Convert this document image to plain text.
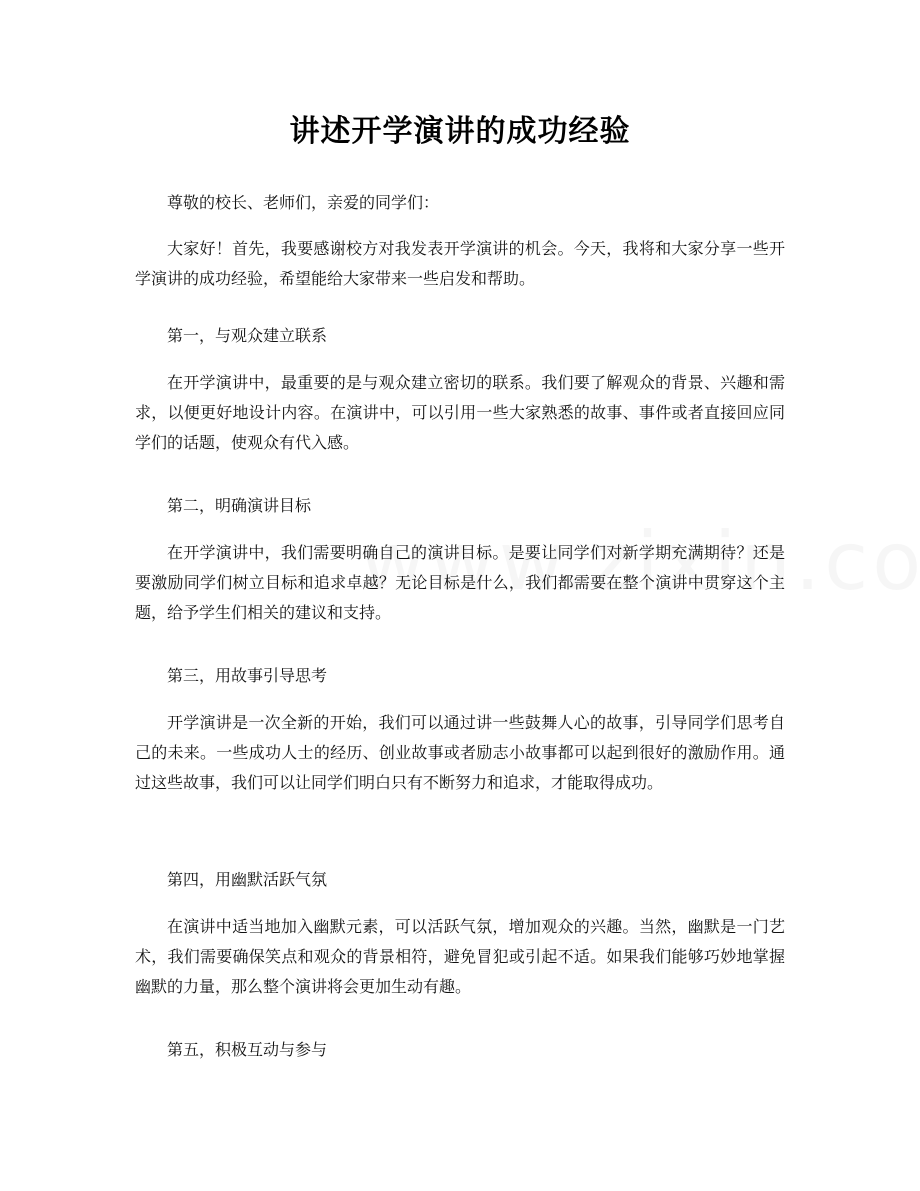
讲述开学演讲的成功经验

尊敬的校长、老师们，亲爱的同学们：

大家好！首先，我要感谢校方对我发表开学演讲的机会。今天，我将和大家分享一些开学演讲的成功经验，希望能给大家带来一些启发和帮助。

第一，与观众建立联系

在开学演讲中，最重要的是与观众建立密切的联系。我们要了解观众的背景、兴趣和需求，以便更好地设计内容。在演讲中，可以引用一些大家熟悉的故事、事件或者直接回应同学们的话题，使观众有代入感。

第二，明确演讲目标

在开学演讲中，我们需要明确自己的演讲目标。是要让同学们对新学期充满期待？还是要激励同学们树立目标和追求卓越？无论目标是什么，我们都需要在整个演讲中贯穿这个主题，给予学生们相关的建议和支持。

第三，用故事引导思考

开学演讲是一次全新的开始，我们可以通过讲一些鼓舞人心的故事，引导同学们思考自己的未来。一些成功人士的经历、创业故事或者励志小故事都可以起到很好的激励作用。通过这些故事，我们可以让同学们明白只有不断努力和追求，才能取得成功。

第四，用幽默活跃气氛

在演讲中适当地加入幽默元素，可以活跃气氛，增加观众的兴趣。当然，幽默是一门艺术，我们需要确保笑点和观众的背景相符，避免冒犯或引起不适。如果我们能够巧妙地掌握幽默的力量，那么整个演讲将会更加生动有趣。

第五，积极互动与参与
